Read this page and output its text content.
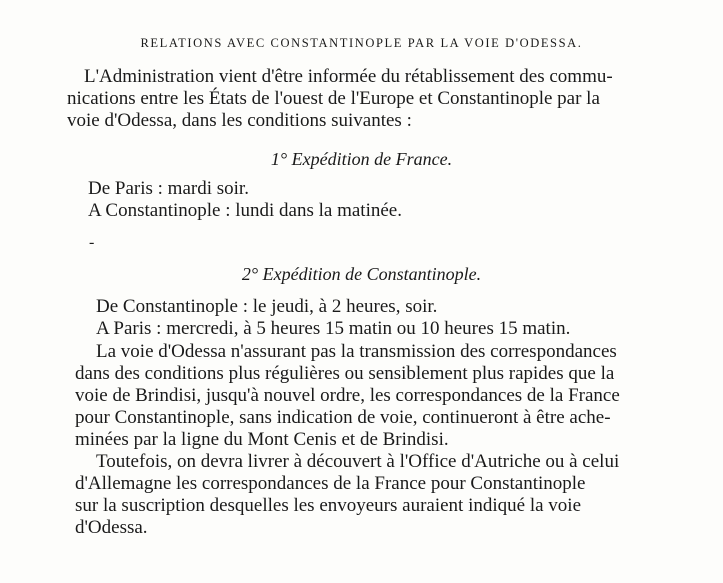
RELATIONS AVEC CONSTANTINOPLE PAR LA VOIE D'ODESSA.
L'Administration vient d'être informée du rétablissement des commu-
nications entre les États de l'ouest de l'Europe et Constantinople par la
voie d'Odessa, dans les conditions suivantes :
1° Expédition de France.
De Paris : mardi soir.
A Constantinople : lundi dans la matinée.
-
2° Expédition de Constantinople.
De Constantinople : le jeudi, à 2 heures, soir.
A Paris : mercredi, à 5 heures 15 matin ou 10 heures 15 matin.
La voie d'Odessa n'assurant pas la transmission des correspondances
dans des conditions plus régulières ou sensiblement plus rapides que la
voie de Brindisi, jusqu'à nouvel ordre, les correspondances de la France
pour Constantinople, sans indication de voie, continueront à être ache-
minées par la ligne du Mont Cenis et de Brindisi.
Toutefois, on devra livrer à découvert à l'Office d'Autriche ou à celui
d'Allemagne les correspondances de la France pour Constantinople
sur la suscription desquelles les envoyeurs auraient indiqué la voie
d'Odessa.
